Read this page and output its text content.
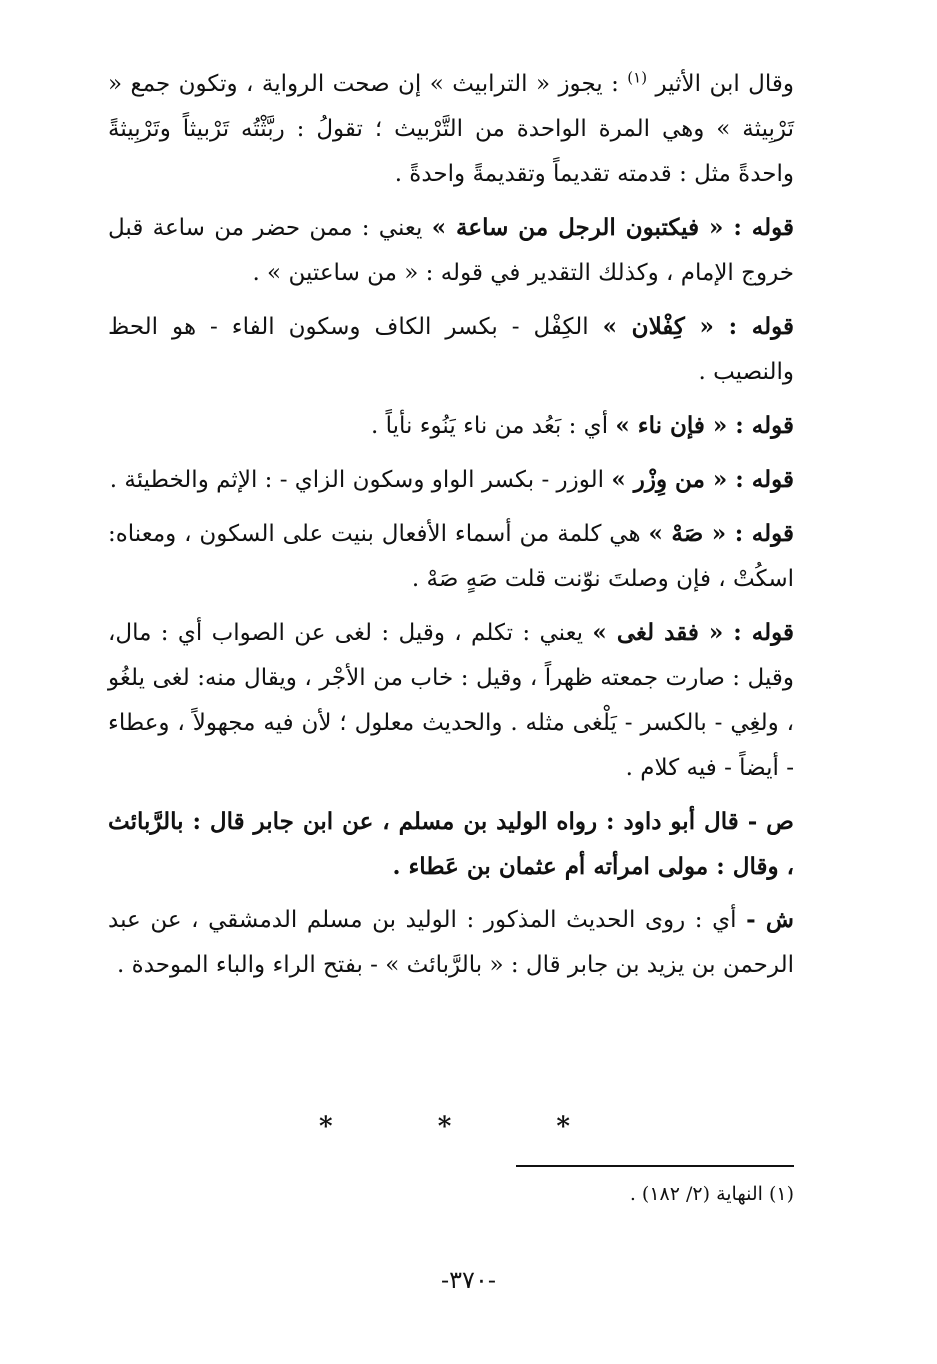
وقال ابن الأثير $^{(١)}$ : يجوز « الترابيث » إن صحت الرواية ، وتكون جمع « تَرْبِيثة » وهي المرة الواحدة من التَّرْبيث ؛ تقولُ : ربَّثْتُه تَرْبيثاً وتَرْبِيثةً واحدةً مثل : قدمته تقديماً وتقديمةً واحدةً .

قوله : « فيكتبون الرجل من ساعة » يعني : ممن حضر من ساعة قبل خروج الإمام ، وكذلك التقدير في قوله : « من ساعتين » .

قوله : « كِفْلان » الكِفْل - بكسر الكاف وسكون الفاء - هو الحظ والنصيب .

قوله : « فإن ناء » أي : بَعُد من ناء يَنُوء نأياً .

قوله : « من وِزْر » الوزر - بكسر الواو وسكون الزاي - : الإثم والخطيئة .

قوله : « صَهْ » هي كلمة من أسماء الأفعال بنيت على السكون ، ومعناه: اسكُتْ ، فإن وصلتَ نوّنت قلت صَهٍ صَهْ .

قوله : « فقد لغى » يعني : تكلم ، وقيل : لغى عن الصواب أي : مال، وقيل : صارت جمعته ظهراً ، وقيل : خاب من الأجْر ، ويقال منه: لغى يلغُو ، ولغِي - بالكسر - يَلْغى مثله . والحديث معلول ؛ لأن فيه مجهولاً ، وعطاء - أيضاً - فيه كلام .

ص - قال أبو داود : رواه الوليد بن مسلم ، عن ابن جابر قال : بالرَّبائث ، وقال : مولى امرأته أم عثمان بن عَطاء .

ش - أي : روى الحديث المذكور : الوليد بن مسلم الدمشقي ، عن عبد الرحمن بن يزيد بن جابر قال : « بالرَّبائث » - بفتح الراء والباء الموحدة .

* * *
(١) النهاية (٢/ ١٨٢) .
-٣٧٠-
